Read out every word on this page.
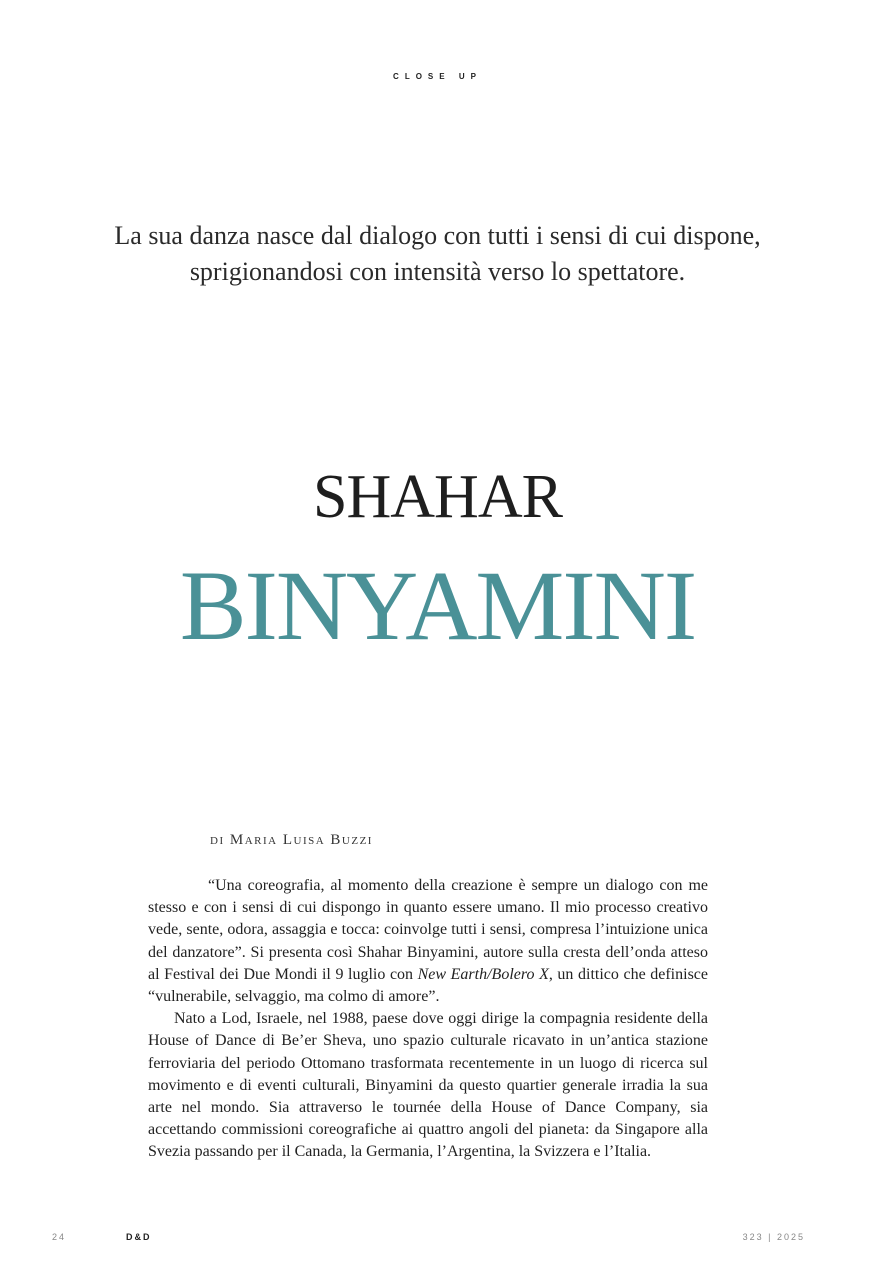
CLOSE UP
La sua danza nasce dal dialogo con tutti i sensi di cui dispone,
sprigionandosi con intensità verso lo spettatore.
SHAHAR
BINYAMINI
di Maria Luisa Buzzi

“Una coreografia, al momento della creazione è sempre un dialogo con me stesso e con i sensi di cui dispongo in quanto essere umano. Il mio processo creativo vede, sente, odora, assaggia e tocca: coinvolge tutti i sensi, compresa l’intuizione unica del danzatore”. Si presenta così Shahar Binyamini, autore sulla cresta dell’onda atteso al Festival dei Due Mondi il 9 luglio con New Earth/Bolero X, un dittico che definisce “vulnerabile, selvaggio, ma colmo di amore”.

Nato a Lod, Israele, nel 1988, paese dove oggi dirige la compagnia residente della House of Dance di Be’er Sheva, uno spazio culturale ricavato in un’antica stazione ferroviaria del periodo Ottomano trasformata recentemente in un luogo di ricerca sul movimento e di eventi culturali, Binyamini da questo quartier generale irradia la sua arte nel mondo. Sia attraverso le tournée della House of Dance Company, sia accettando commissioni coreografiche ai quattro angoli del pianeta: da Singapore alla Svezia passando per il Canada, la Germania, l’Argentina, la Svizzera e l’Italia.

24	D&D	323 | 2025
